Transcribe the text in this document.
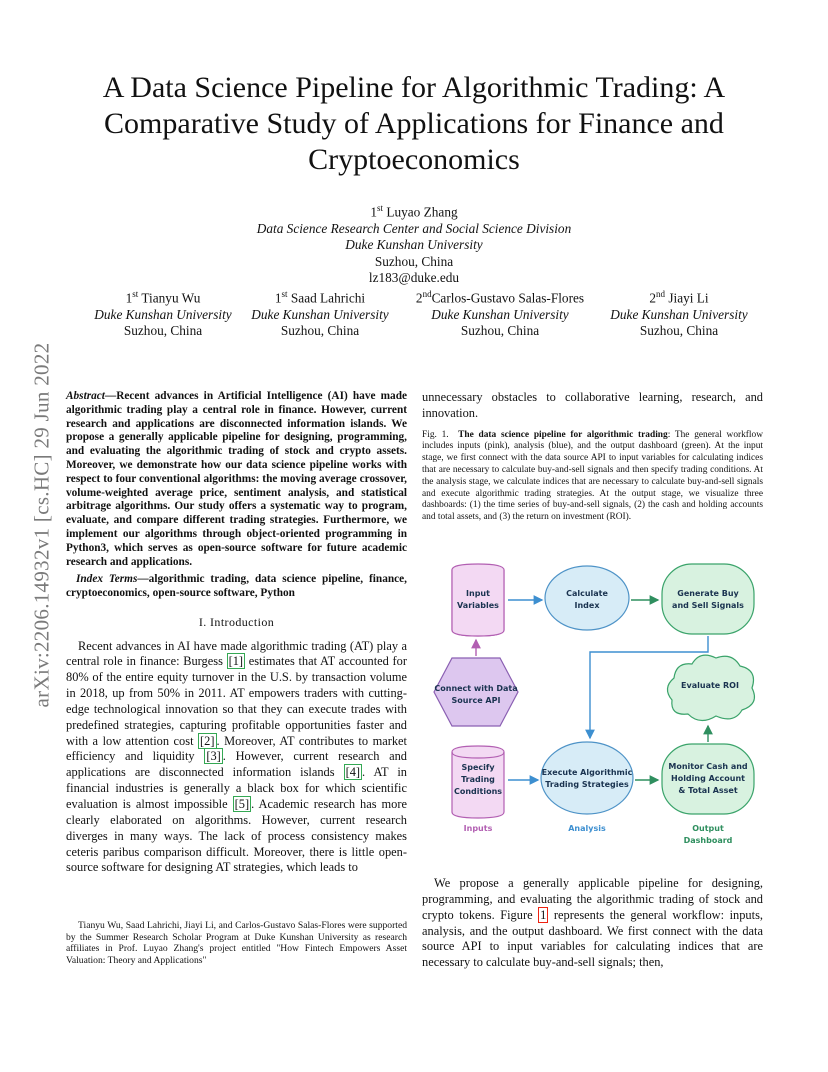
arXiv:2206.14932v1 [cs.HC] 29 Jun 2022
A Data Science Pipeline for Algorithmic Trading: A Comparative Study of Applications for Finance and Cryptoeconomics
1st Luyao Zhang
Data Science Research Center and Social Science Division
Duke Kunshan University
Suzhou, China
lz183@duke.edu
1st Tianyu Wu
Duke Kunshan University
Suzhou, China
1st Saad Lahrichi
Duke Kunshan University
Suzhou, China
2ndCarlos-Gustavo Salas-Flores
Duke Kunshan University
Suzhou, China
2nd Jiayi Li
Duke Kunshan University
Suzhou, China

Abstract—Recent advances in Artificial Intelligence (AI) have made algorithmic trading play a central role in finance. However, current research and applications are disconnected information islands. We propose a generally applicable pipeline for designing, programming, and evaluating the algorithmic trading of stock and crypto assets. Moreover, we demonstrate how our data science pipeline works with respect to four conventional algorithms: the moving average crossover, volume-weighted average price, sentiment analysis, and statistical arbitrage algorithms. Our study offers a systematic way to program, evaluate, and compare different trading strategies. Furthermore, we implement our algorithms through object-oriented programming in Python3, which serves as open-source software for future academic research and applications.

Index Terms—algorithmic trading, data science pipeline, finance, cryptoeconomics, open-source software, Python

I. Introduction

Recent advances in AI have made algorithmic trading (AT) play a central role in finance: Burgess [1] estimates that AT accounted for 80% of the entire equity turnover in the U.S. by transaction volume in 2018, up from 50% in 2011. AT empowers traders with cutting-edge technological innovation so that they can execute trades with predefined strategies, capturing profitable opportunities faster and with a low attention cost [2] . Moreover, AT contributes to market efficiency and liquidity [3] . However, current research and applications are disconnected information islands [4] . AT in financial industries is generally a black box for which scientific evaluation is almost impossible [5] . Academic research has more clearly elaborated on algorithms. However, current research diverges in many ways. The lack of process consistency makes ceteris paribus comparison difficult. Moreover, there is little open-source software for designing AT strategies, which leads to

Tianyu Wu, Saad Lahrichi, Jiayi Li, and Carlos-Gustavo Salas-Flores were supported by the Summer Research Scholar Program at Duke Kunshan University as research affiliates in Prof. Luyao Zhang's project entitled "How Fintech Empowers Asset Valuation: Theory and Applications"

unnecessary obstacles to collaborative learning, research, and innovation.

Fig. 1. The data science pipeline for algorithmic trading: The general workflow includes inputs (pink), analysis (blue), and the output dashboard (green). At the input stage, we first connect with the data source API to input variables for calculating indices that are necessary to calculate buy-and-sell signals and then specify trading conditions. At the analysis stage, we calculate indices that are necessary to calculate buy-and-sell signals and execute algorithmic trading strategies. At the output stage, we visualize three dashboards: (1) the time series of buy-and-sell signals, (2) the cash and holding accounts and total assets, and (3) the return on investment (ROI).

Input
Variables
Calculate
Index
Generate Buy
and Sell Signals
Connect with Data
Source API
Evaluate ROI
Specify
Trading
Conditions
Execute Algorithmic
Trading Strategies
Monitor Cash and
Holding Account
& Total Asset
Inputs	Analysis	Output
Dashboard

We propose a generally applicable pipeline for designing, programming, and evaluating the algorithmic trading of stock and crypto tokens. Figure 1 represents the general workflow: inputs, analysis, and the output dashboard. We first connect with the data source API to input variables for calculating indices that are necessary to calculate buy-and-sell signals; then,
